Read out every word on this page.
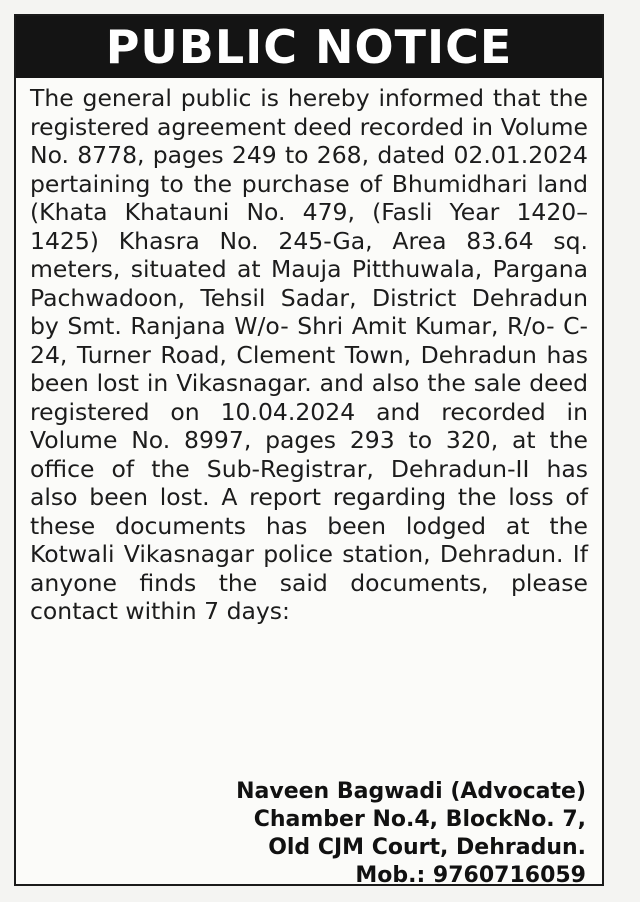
PUBLIC NOTICE

The general public is hereby informed that the registered agreement deed recorded in Volume No. 8778, pages 249 to 268, dated 02.01.2024 pertaining to the purchase of Bhumidhari land (Khata Khatauni No. 479, (Fasli Year 1420–1425) Khasra No. 245-Ga, Area 83.64 sq. meters, situated at Mauja Pitthuwala, Pargana Pachwadoon, Tehsil Sadar, District Dehradun by Smt. Ranjana W/o- Shri Amit Kumar, R/o- C-24, Turner Road, Clement Town, Dehradun has been lost in Vikasnagar. and also the sale deed registered on 10.04.2024 and recorded in Volume No. 8997, pages 293 to 320, at the office of the Sub-Registrar, Dehradun-II has also been lost. A report regarding the loss of these documents has been lodged at the Kotwali Vikasnagar police station, Dehradun. If anyone finds the said documents, please contact within 7 days:

Naveen Bagwadi (Advocate)
Chamber No.4, BlockNo. 7,
Old CJM Court, Dehradun.
Mob.: 9760716059
